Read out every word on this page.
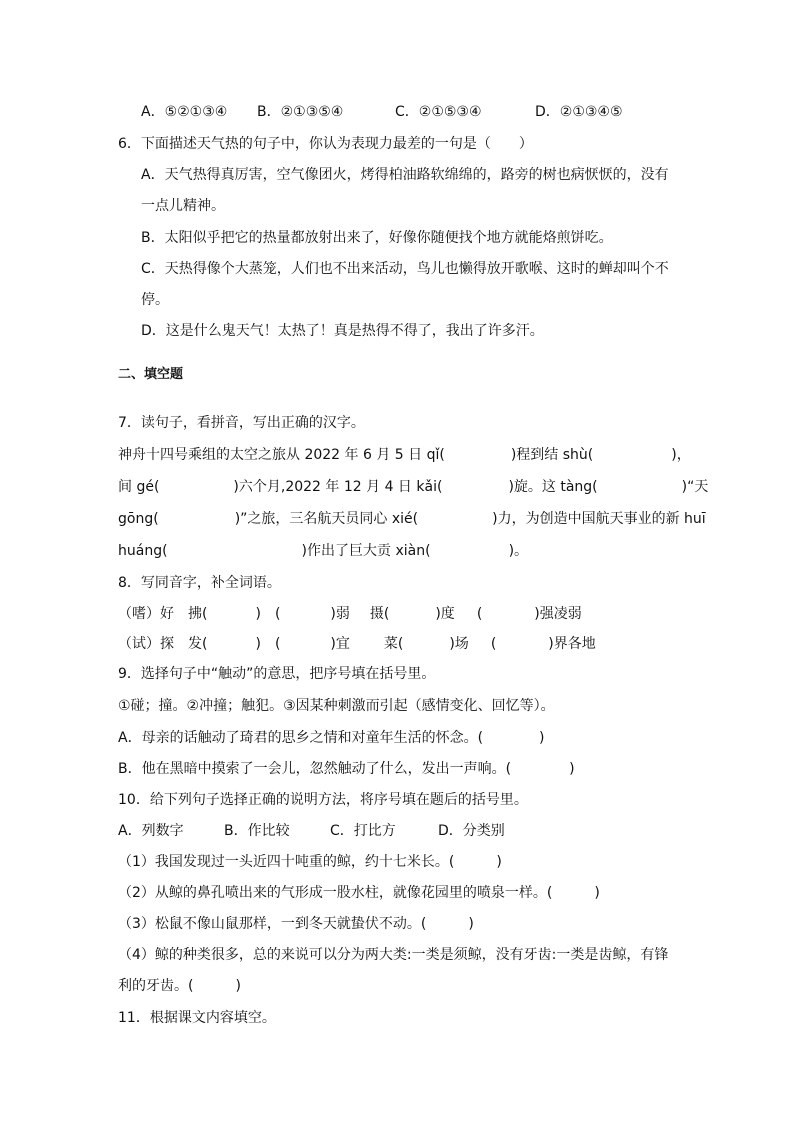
A．⑤②①③④ B．②①③⑤④	C．②①⑤③④	D．②①③④⑤
6．下面描述天气热的句子中，你认为表现力最差的一句是（　　）
A．天气热得真厉害，空气像团火，烤得柏油路软绵绵的，路旁的树也病恹恹的，没有
一点儿精神。
B．太阳似乎把它的热量都放射出来了，好像你随便找个地方就能烙煎饼吃。
C．天热得像个大蒸笼，人们也不出来活动，鸟儿也懒得放开歌喉、这时的蝉却叫个不
停。
D．这是什么鬼天气！太热了！真是热得不得了，我出了许多汗。
二、填空题
7．读句子，看拼音，写出正确的汉字。
神舟十四号乘组的太空之旅从 2022 年 6 月 5 日 qǐ(	)程到结 shù(	)，
间 gé(	)六个月,2022 年 12 月 4 日 kǎi(	)旋。这 tàng(	)“天
gōng(	)”之旅，三名航天员同心 xié(	)力，为创造中国航天事业的新 huī
huáng(	)作出了巨大贡 xiàn(	)。
8．写同音字，补全词语。
（嗜）好 拂(	) (	)弱 摄(	)度 (	)强凌弱
（试）探 发(	) (	)宜 菜(	)场 (	)界各地
9．选择句子中“触动”的意思，把序号填在括号里。
①碰；撞。②冲撞；触犯。③因某种刺激而引起（感情变化、回忆等）。
A．母亲的话触动了琦君的思乡之情和对童年生活的怀念。(	)
B．他在黑暗中摸索了一会儿，忽然触动了什么，发出一声响。(	)
10．给下列句子选择正确的说明方法，将序号填在题后的括号里。
A．列数字	B．作比较	C．打比方	D．分类别
（1）我国发现过一头近四十吨重的鲸，约十七米长。(	)
（2）从鲸的鼻孔喷出来的气形成一股水柱，就像花园里的喷泉一样。(	)
（3）松鼠不像山鼠那样，一到冬天就蛰伏不动。(	)
（4）鲸的种类很多，总的来说可以分为两大类:一类是须鲸，没有牙齿:一类是齿鲸，有锋
利的牙齿。(	)
11．根据课文内容填空。
